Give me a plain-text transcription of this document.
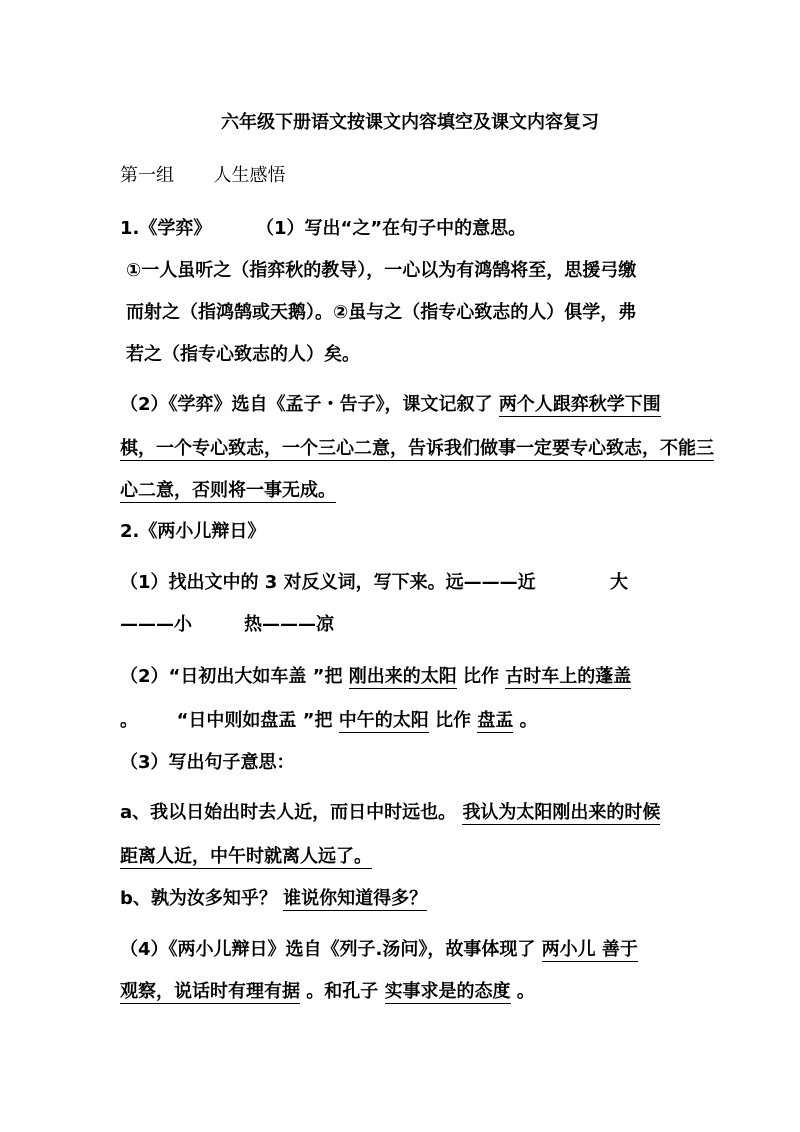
六年级下册语文按课文内容填空及课文内容复习
第一组 人生感悟
1.《学弈》 （1）写出“之”在句子中的意思。
①一人虽听之（指弈秋的教导），一心以为有鸿鹄将至，思援弓缴
而射之（指鸿鹄或天鹅）。②虽与之（指专心致志的人）俱学，弗
若之（指专心致志的人）矣。
（2）《学弈》选自《孟子・告子》，课文记叙了 两个人跟弈秋学下围
棋，一个专心致志，一个三心二意，告诉我们做事一定要专心致志，不能三
心二意，否则将一事无成。
2.《两小儿辩日》
（1）找出文中的 3 对反义词，写下来。远———近	大
———小	热———凉
（2）“日初出大如车盖 ”把 刚出来的太阳 比作 古时车上的蓬盖
。 “日中则如盘盂 ”把 中午的太阳 比作 盘盂 。
（3）写出句子意思：
a、我以日始出时去人近，而日中时远也。 我认为太阳刚出来的时候
距离人近，中午时就离人远了。
b、孰为汝多知乎？ 谁说你知道得多？
（4）《两小儿辩日》选自《列子.汤问》，故事体现了 两小儿 善于
观察，说话时有理有据 。和孔子 实事求是的态度 。
